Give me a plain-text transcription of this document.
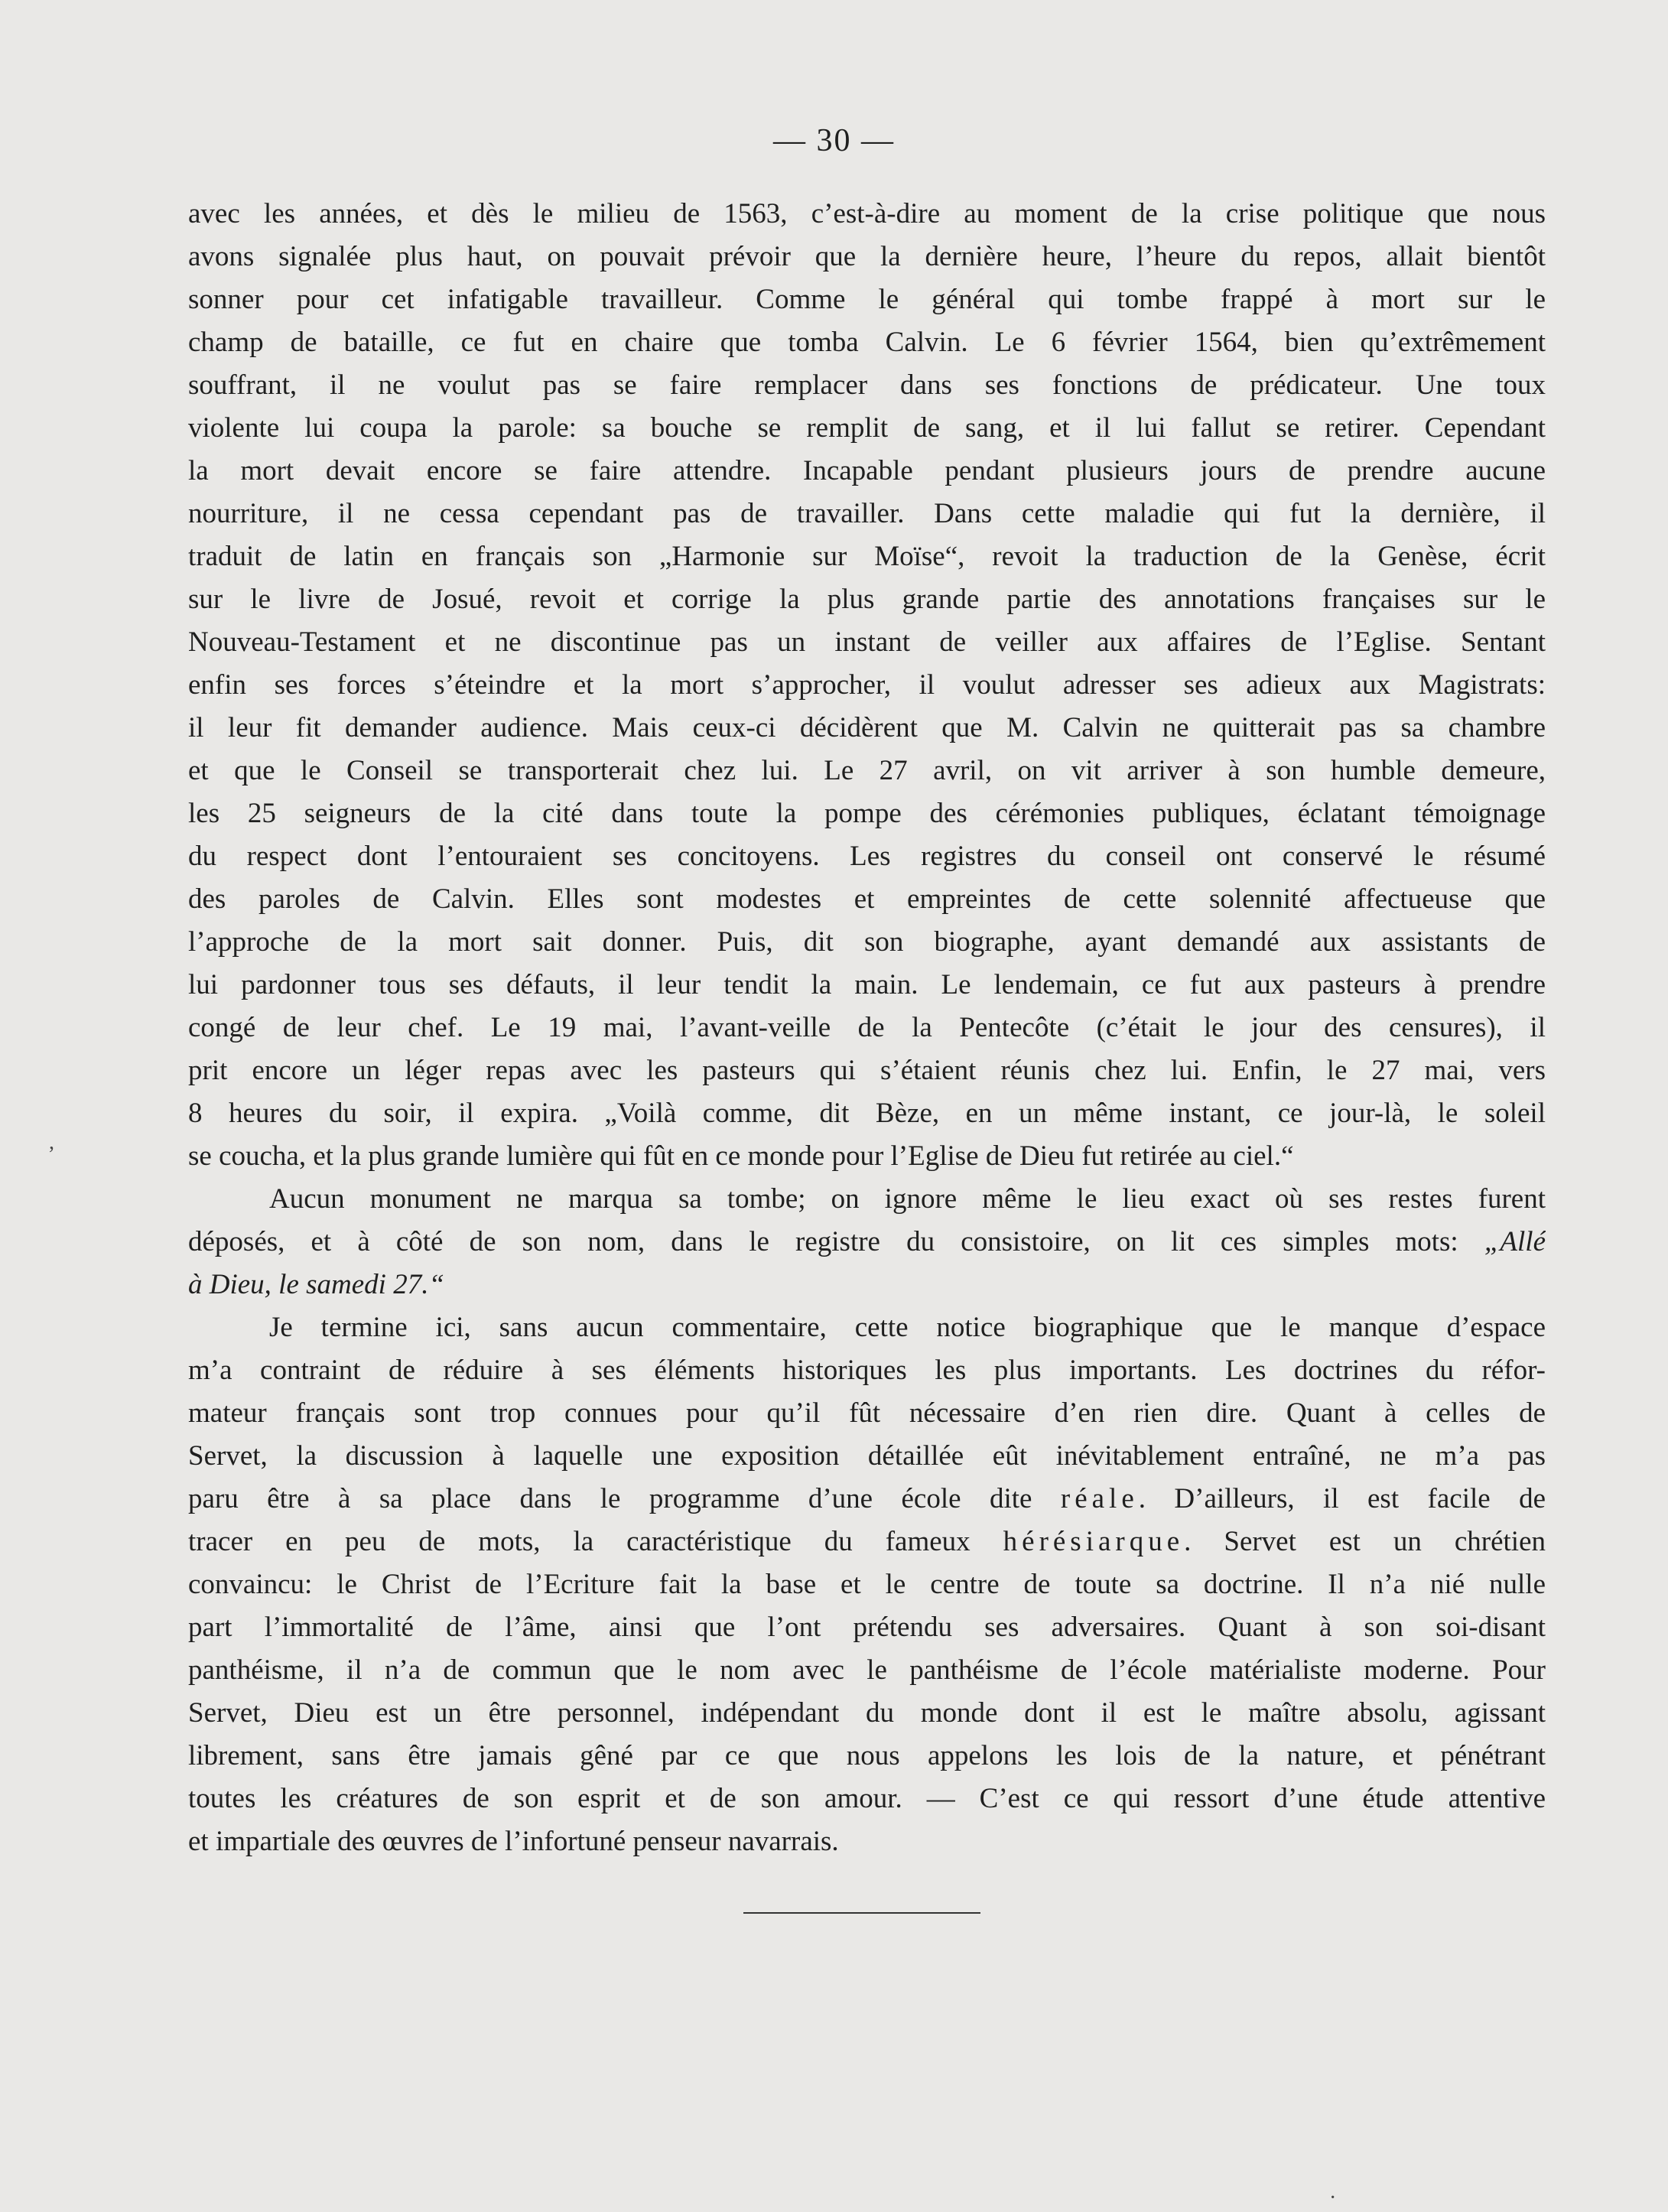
— 30 —
avec les années, et dès le milieu de 1563, c’est-à-dire au moment de la crise politique que nous
avons signalée plus haut, on pouvait prévoir que la dernière heure, l’heure du repos, allait bientôt
sonner pour cet infatigable travailleur. Comme le général qui tombe frappé à mort sur le
champ de bataille, ce fut en chaire que tomba Calvin. Le 6 février 1564, bien qu’extrêmement
souffrant, il ne voulut pas se faire remplacer dans ses fonctions de prédicateur. Une toux
violente lui coupa la parole: sa bouche se remplit de sang, et il lui fallut se retirer. Cependant
la mort devait encore se faire attendre. Incapable pendant plusieurs jours de prendre aucune
nourriture, il ne cessa cependant pas de travailler. Dans cette maladie qui fut la dernière, il
traduit de latin en français son „Harmonie sur Moïse“, revoit la traduction de la Genèse, écrit
sur le livre de Josué, revoit et corrige la plus grande partie des annotations françaises sur le
Nouveau-Testament et ne discontinue pas un instant de veiller aux affaires de l’Eglise. Sentant
enfin ses forces s’éteindre et la mort s’approcher, il voulut adresser ses adieux aux Magistrats:
il leur fit demander audience. Mais ceux-ci décidèrent que M. Calvin ne quitterait pas sa chambre
et que le Conseil se transporterait chez lui. Le 27 avril, on vit arriver à son humble demeure,
les 25 seigneurs de la cité dans toute la pompe des cérémonies publiques, éclatant témoignage
du respect dont l’entouraient ses concitoyens. Les registres du conseil ont conservé le résumé
des paroles de Calvin. Elles sont modestes et empreintes de cette solennité affectueuse que
l’approche de la mort sait donner. Puis, dit son biographe, ayant demandé aux assistants de
lui pardonner tous ses défauts, il leur tendit la main. Le lendemain, ce fut aux pasteurs à prendre
congé de leur chef. Le 19 mai, l’avant-veille de la Pentecôte (c’était le jour des censures), il
prit encore un léger repas avec les pasteurs qui s’étaient réunis chez lui. Enfin, le 27 mai, vers
8 heures du soir, il expira. „Voilà comme, dit Bèze, en un même instant, ce jour-là, le soleil
se coucha, et la plus grande lumière qui fût en ce monde pour l’Eglise de Dieu fut retirée au ciel.“
Aucun monument ne marqua sa tombe; on ignore même le lieu exact où ses restes furent
déposés, et à côté de son nom, dans le registre du consistoire, on lit ces simples mots: „Allé
à Dieu, le samedi 27.“
Je termine ici, sans aucun commentaire, cette notice biographique que le manque d’espace
m’a contraint de réduire à ses éléments historiques les plus importants. Les doctrines du réfor-
mateur français sont trop connues pour qu’il fût nécessaire d’en rien dire. Quant à celles de
Servet, la discussion à laquelle une exposition détaillée eût inévitablement entraîné, ne m’a pas
paru être à sa place dans le programme d’une école dite réale. D’ailleurs, il est facile de
tracer en peu de mots, la caractéristique du fameux hérésiarque. Servet est un chrétien
convaincu: le Christ de l’Ecriture fait la base et le centre de toute sa doctrine. Il n’a nié nulle
part l’immortalité de l’âme, ainsi que l’ont prétendu ses adversaires. Quant à son soi-disant
panthéisme, il n’a de commun que le nom avec le panthéisme de l’école matérialiste moderne. Pour
Servet, Dieu est un être personnel, indépendant du monde dont il est le maître absolu, agissant
librement, sans être jamais gêné par ce que nous appelons les lois de la nature, et pénétrant
toutes les créatures de son esprit et de son amour. — C’est ce qui ressort d’une étude attentive
et impartiale des œuvres de l’infortuné penseur navarrais.
,
·
